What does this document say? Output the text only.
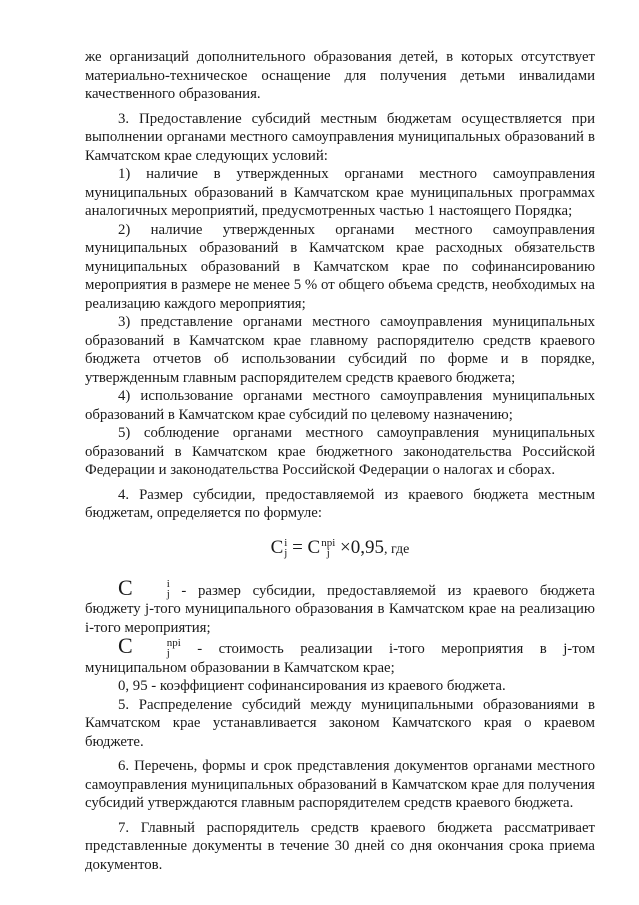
же организаций дополнительного образования детей, в которых отсутствует материально-техническое оснащение для получения детьми инвалидами качественного образования.

3. Предоставление субсидий местным бюджетам осуществляется при выполнении органами местного самоуправления муниципальных образований в Камчатском крае следующих условий:

1) наличие в утвержденных органами местного самоуправления муниципальных образований в Камчатском крае муниципальных программах аналогичных мероприятий, предусмотренных частью 1 настоящего Порядка;

2) наличие утвержденных органами местного самоуправления муниципальных образований в Камчатском крае расходных обязательств муниципальных образований в Камчатском крае по софинансированию мероприятия в размере не менее 5 % от общего объема средств, необходимых на реализацию каждого мероприятия;

3) представление органами местного самоуправления муниципальных образований в Камчатском крае главному распорядителю средств краевого бюджета отчетов об использовании субсидий по форме и в порядке, утвержденным главным распорядителем средств краевого бюджета;

4) использование органами местного самоуправления муниципальных образований в Камчатском крае субсидий по целевому назначению;

5) соблюдение органами местного самоуправления муниципальных образований в Камчатском крае бюджетного законодательства Российской Федерации и законодательства Российской Федерации о налогах и сборах.

4. Размер субсидии, предоставляемой из краевого бюджета местным бюджетам, определяется по формуле:

C i
j = C npi
j ×0,95, где

C	i
j - размер субсидии, предоставляемой из краевого бюджета бюджету j-того муниципального образования в Камчатском крае на реализацию i-того мероприятия;

C	npi
j	- стоимость реализации i-того мероприятия в j-том муниципальном образовании в Камчатском крае;

0, 95 - коэффициент софинансирования из краевого бюджета.

5. Распределение субсидий между муниципальными образованиями в Камчатском крае устанавливается законом Камчатского края о краевом бюджете.

6. Перечень, формы и срок представления документов органами местного самоуправления муниципальных образований в Камчатском крае для получения субсидий утверждаются главным распорядителем средств краевого бюджета.

7. Главный распорядитель средств краевого бюджета рассматривает представленные документы в течение 30 дней со дня окончания срока приема документов.
